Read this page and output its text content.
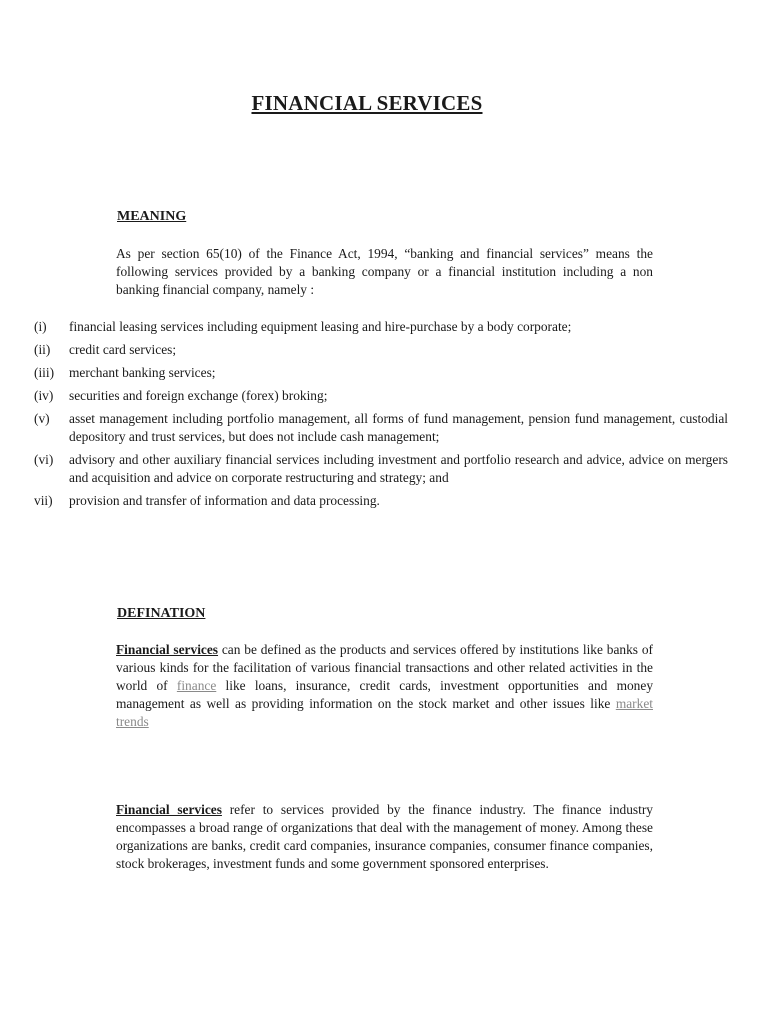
FINANCIAL SERVICES
MEANING
As per section 65(10) of the Finance Act, 1994, “banking and financial services” means the following services provided by a banking company or a financial institution including a non banking financial company, namely :
(i)	financial leasing services including equipment leasing and hire-purchase by a body corporate;
(ii)	credit card services;
(iii) merchant banking services;
(iv)	securities and foreign exchange (forex) broking;
(v)	asset management including portfolio management, all forms of fund management, pension fund management, custodial depository and trust services, but does not include cash management;
(vi)	advisory and other auxiliary financial services including investment and portfolio research and advice, advice on mergers and acquisition and advice on corporate restructuring and strategy; and
vii)	provision and transfer of information and data processing.
DEFINATION
Financial services can be defined as the products and services offered by institutions like banks of various kinds for the facilitation of various financial transactions and other related activities in the world of finance like loans, insurance, credit cards, investment opportunities and money management as well as providing information on the stock market and other issues like market trends
Financial services refer to services provided by the finance industry. The finance industry encompasses a broad range of organizations that deal with the management of money. Among these organizations are banks, credit card companies, insurance companies, consumer finance companies, stock brokerages, investment funds and some government sponsored enterprises.
